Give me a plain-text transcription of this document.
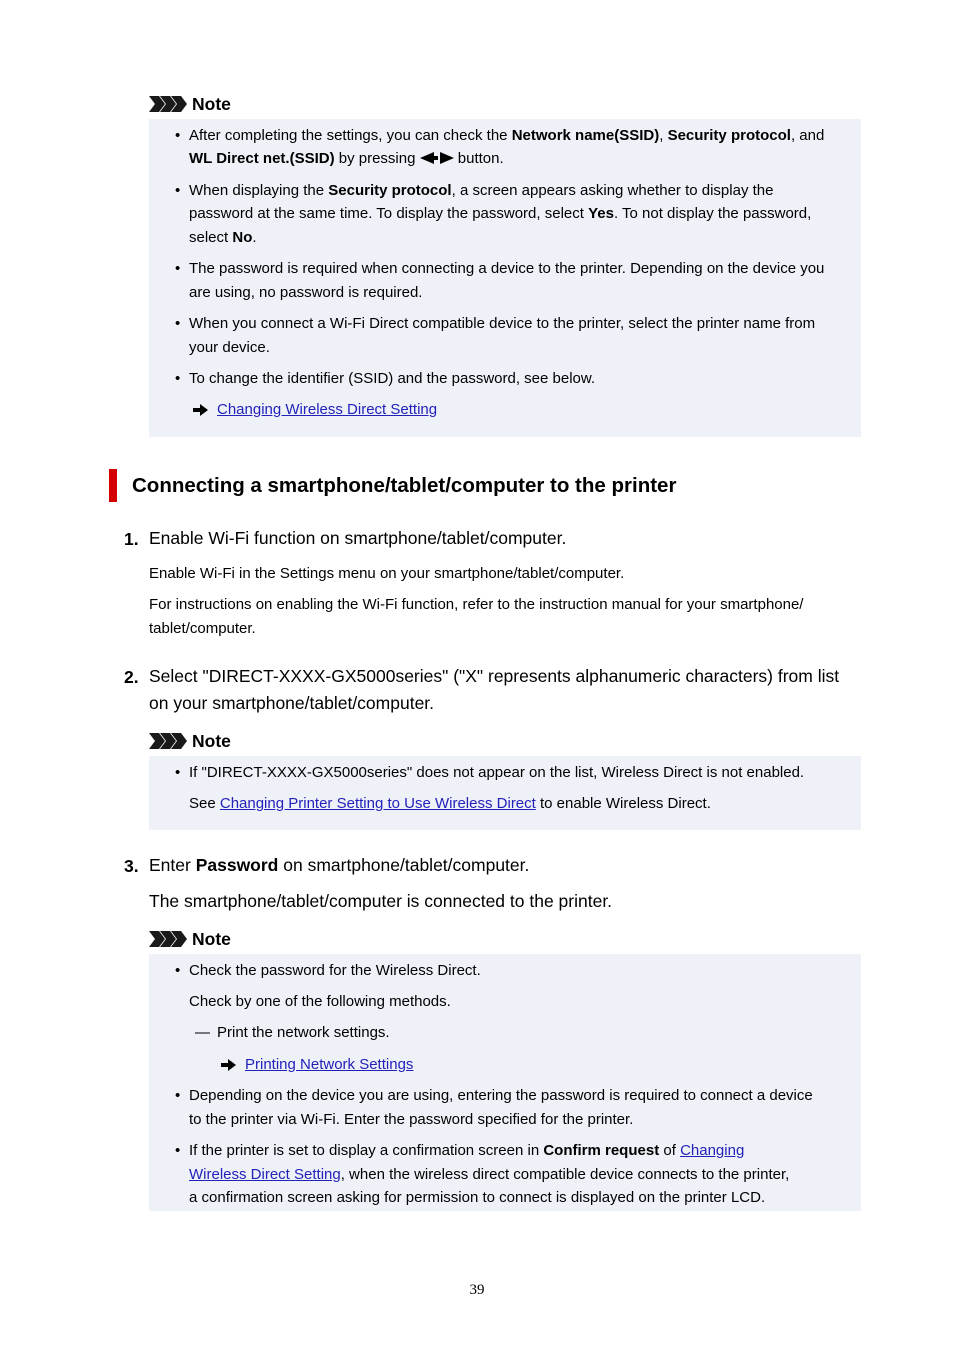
Note
• After completing the settings, you can check the Network name(SSID), Security protocol, and
WL Direct net.(SSID) by pressing  button.
• When displaying the Security protocol, a screen appears asking whether to display the
password at the same time. To display the password, select Yes. To not display the password,
select No.
• The password is required when connecting a device to the printer. Depending on the device you
are using, no password is required.
• When you connect a Wi-Fi Direct compatible device to the printer, select the printer name from
your device.
• To change the identifier (SSID) and the password, see below.
Changing Wireless Direct Setting
Connecting a smartphone/tablet/computer to the printer
1. Enable Wi-Fi function on smartphone/tablet/computer.
Enable Wi-Fi in the Settings menu on your smartphone/tablet/computer.
For instructions on enabling the Wi-Fi function, refer to the instruction manual for your smartphone/
tablet/computer.
2. Select "DIRECT-XXXX-GX5000series" ("X" represents alphanumeric characters) from list
on your smartphone/tablet/computer.
Note
• If "DIRECT-XXXX-GX5000series" does not appear on the list, Wireless Direct is not enabled.
See Changing Printer Setting to Use Wireless Direct to enable Wireless Direct.
3. Enter Password on smartphone/tablet/computer.
The smartphone/tablet/computer is connected to the printer.
Note
• Check the password for the Wireless Direct.
Check by one of the following methods.
— Print the network settings.
Printing Network Settings
• Depending on the device you are using, entering the password is required to connect a device
to the printer via Wi-Fi. Enter the password specified for the printer.
• If the printer is set to display a confirmation screen in Confirm request of Changing
Wireless Direct Setting, when the wireless direct compatible device connects to the printer,
a confirmation screen asking for permission to connect is displayed on the printer LCD.
39
